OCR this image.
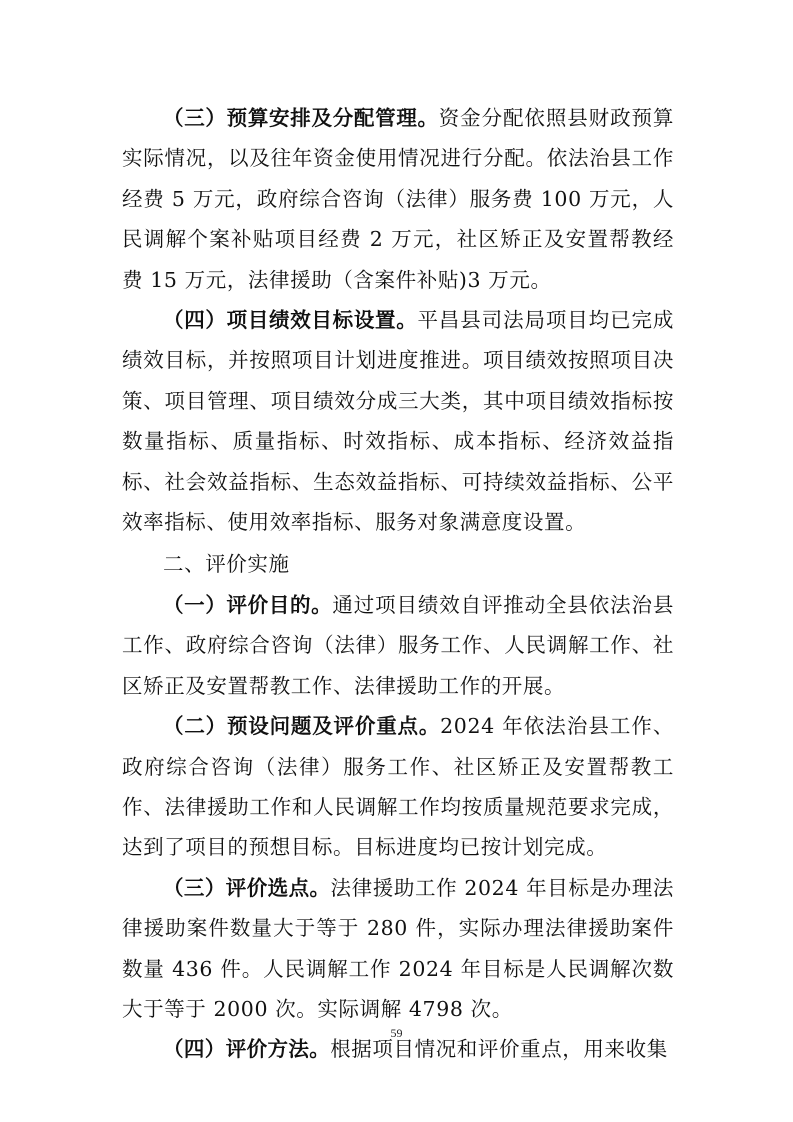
（三）预算安排及分配管理。资金分配依照县财政预算实际情况，以及往年资金使用情况进行分配。依法治县工作经费 5 万元，政府综合咨询（法律）服务费 100 万元，人民调解个案补贴项目经费 2 万元，社区矫正及安置帮教经费 15 万元，法律援助（含案件补贴)3 万元。

（四）项目绩效目标设置。平昌县司法局项目均已完成绩效目标，并按照项目计划进度推进。项目绩效按照项目决策、项目管理、项目绩效分成三大类，其中项目绩效指标按数量指标、质量指标、时效指标、成本指标、经济效益指标、社会效益指标、生态效益指标、可持续效益指标、公平效率指标、使用效率指标、服务对象满意度设置。

二、评价实施

（一）评价目的。通过项目绩效自评推动全县依法治县工作、政府综合咨询（法律）服务工作、人民调解工作、社区矫正及安置帮教工作、法律援助工作的开展。

（二）预设问题及评价重点。2024 年依法治县工作、政府综合咨询（法律）服务工作、社区矫正及安置帮教工作、法律援助工作和人民调解工作均按质量规范要求完成，达到了项目的预想目标。目标进度均已按计划完成。

（三）评价选点。法律援助工作 2024 年目标是办理法律援助案件数量大于等于 280 件，实际办理法律援助案件数量 436 件。人民调解工作 2024 年目标是人民调解次数大于等于 2000 次。实际调解 4798 次。

（四）评价方法。根据项目情况和评价重点，用来收集

59
